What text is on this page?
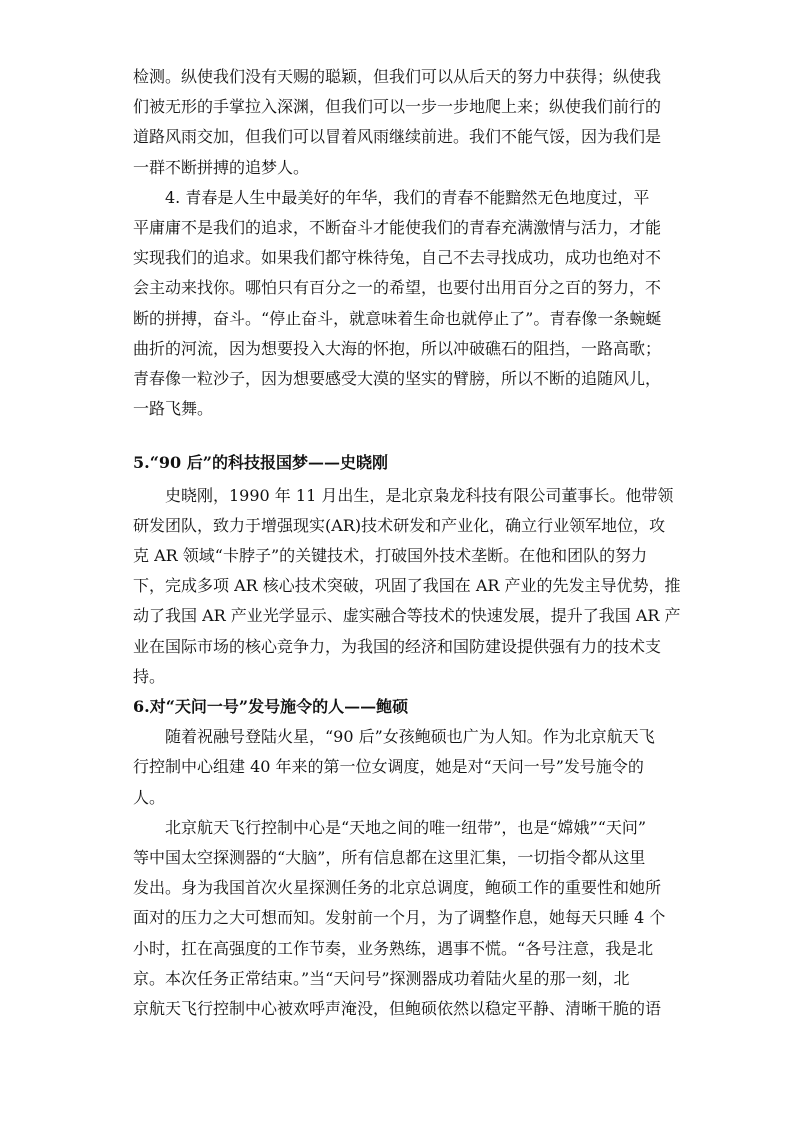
检测。纵使我们没有天赐的聪颖，但我们可以从后天的努力中获得；纵使我
们被无形的手掌拉入深渊，但我们可以一步一步地爬上来；纵使我们前行的
道路风雨交加，但我们可以冒着风雨继续前进。我们不能气馁，因为我们是
一群不断拼搏的追梦人。

4. 青春是人生中最美好的年华，我们的青春不能黯然无色地度过，平
平庸庸不是我们的追求，不断奋斗才能使我们的青春充满激情与活力，才能
实现我们的追求。如果我们都守株待兔，自己不去寻找成功，成功也绝对不
会主动来找你。哪怕只有百分之一的希望，也要付出用百分之百的努力，不
断的拼搏，奋斗。“停止奋斗，就意味着生命也就停止了”。青春像一条蜿蜒
曲折的河流，因为想要投入大海的怀抱，所以冲破礁石的阻挡，一路高歌；
青春像一粒沙子，因为想要感受大漠的坚实的臂膀，所以不断的追随风儿，
一路飞舞。

5.“90 后”的科技报国梦——史晓刚

史晓刚，1990 年 11 月出生，是北京枭龙科技有限公司董事长。他带领
研发团队，致力于增强现实(AR)技术研发和产业化，确立行业领军地位，攻
克 AR 领域“卡脖子”的关键技术，打破国外技术垄断。在他和团队的努力
下，完成多项 AR 核心技术突破，巩固了我国在 AR 产业的先发主导优势，推
动了我国 AR 产业光学显示、虚实融合等技术的快速发展，提升了我国 AR 产
业在国际市场的核心竞争力，为我国的经济和国防建设提供强有力的技术支
持。

6.对“天问一号”发号施令的人——鲍硕

随着祝融号登陆火星，“90 后”女孩鲍硕也广为人知。作为北京航天飞
行控制中心组建 40 年来的第一位女调度，她是对“天问一号”发号施令的
人。

北京航天飞行控制中心是“天地之间的唯一纽带”，也是“嫦娥”“天问”
等中国太空探测器的“大脑”，所有信息都在这里汇集，一切指令都从这里
发出。身为我国首次火星探测任务的北京总调度，鲍硕工作的重要性和她所
面对的压力之大可想而知。发射前一个月，为了调整作息，她每天只睡 4 个
小时，扛在高强度的工作节奏，业务熟练，遇事不慌。“各号注意，我是北
京。本次任务正常结束。”当“天问号”探测器成功着陆火星的那一刻，北
京航天飞行控制中心被欢呼声淹没，但鲍硕依然以稳定平静、清晰干脆的语
